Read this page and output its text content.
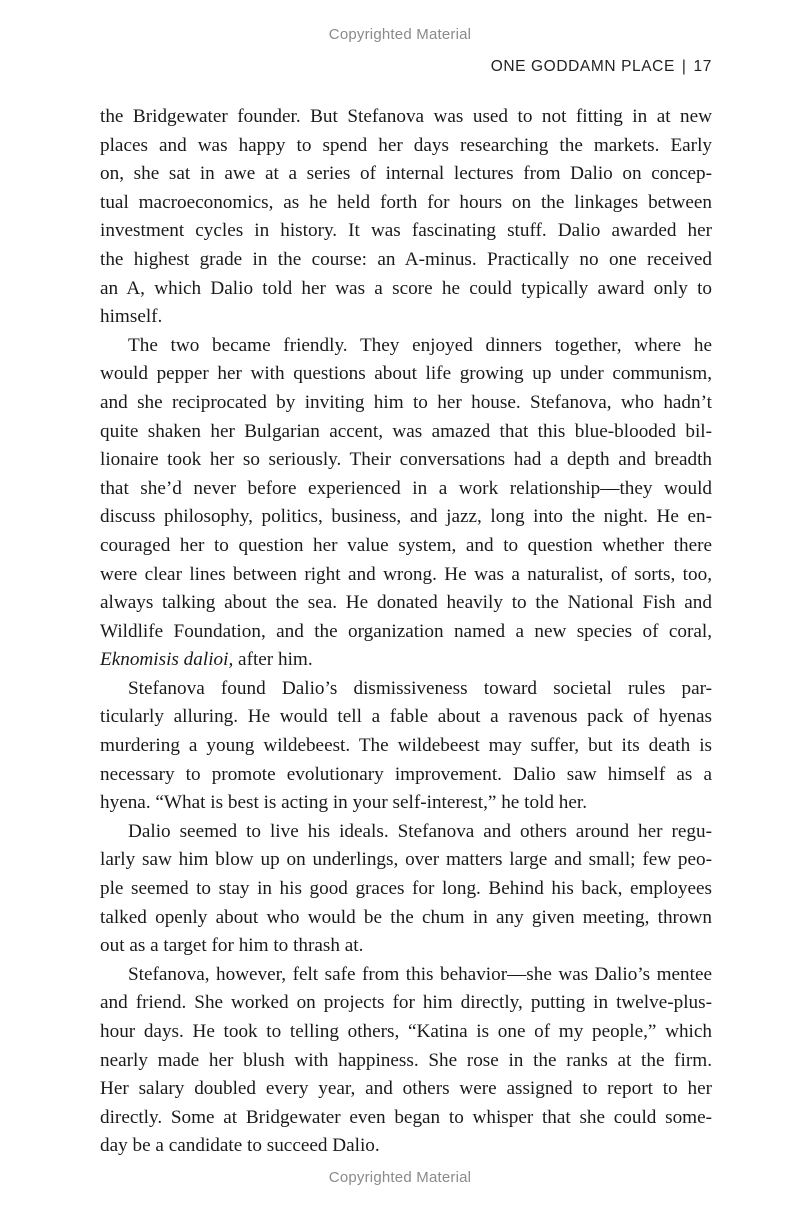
Copyrighted Material
ONE GODDAMN PLACE | 17
the Bridgewater founder. But Stefanova was used to not fitting in at new
places and was happy to spend her days researching the markets. Early
on, she sat in awe at a series of internal lectures from Dalio on concep-
tual macroeconomics, as he held forth for hours on the linkages between
investment cycles in history. It was fascinating stuff. Dalio awarded her
the highest grade in the course: an A-minus. Practically no one received
an A, which Dalio told her was a score he could typically award only to
himself.
The two became friendly. They enjoyed dinners together, where he
would pepper her with questions about life growing up under communism,
and she reciprocated by inviting him to her house. Stefanova, who hadn’t
quite shaken her Bulgarian accent, was amazed that this blue-blooded bil-
lionaire took her so seriously. Their conversations had a depth and breadth
that she’d never before experienced in a work relationship—they would
discuss philosophy, politics, business, and jazz, long into the night. He en-
couraged her to question her value system, and to question whether there
were clear lines between right and wrong. He was a naturalist, of sorts, too,
always talking about the sea. He donated heavily to the National Fish and
Wildlife Foundation, and the organization named a new species of coral,
Eknomisis dalioi, after him.
Stefanova found Dalio’s dismissiveness toward societal rules par-
ticularly alluring. He would tell a fable about a ravenous pack of hyenas
murdering a young wildebeest. The wildebeest may suffer, but its death is
necessary to promote evolutionary improvement. Dalio saw himself as a
hyena. “What is best is acting in your self-interest,” he told her.
Dalio seemed to live his ideals. Stefanova and others around her regu-
larly saw him blow up on underlings, over matters large and small; few peo-
ple seemed to stay in his good graces for long. Behind his back, employees
talked openly about who would be the chum in any given meeting, thrown
out as a target for him to thrash at.
Stefanova, however, felt safe from this behavior—she was Dalio’s mentee
and friend. She worked on projects for him directly, putting in twelve-plus-
hour days. He took to telling others, “Katina is one of my people,” which
nearly made her blush with happiness. She rose in the ranks at the firm.
Her salary doubled every year, and others were assigned to report to her
directly. Some at Bridgewater even began to whisper that she could some-
day be a candidate to succeed Dalio.
Copyrighted Material
